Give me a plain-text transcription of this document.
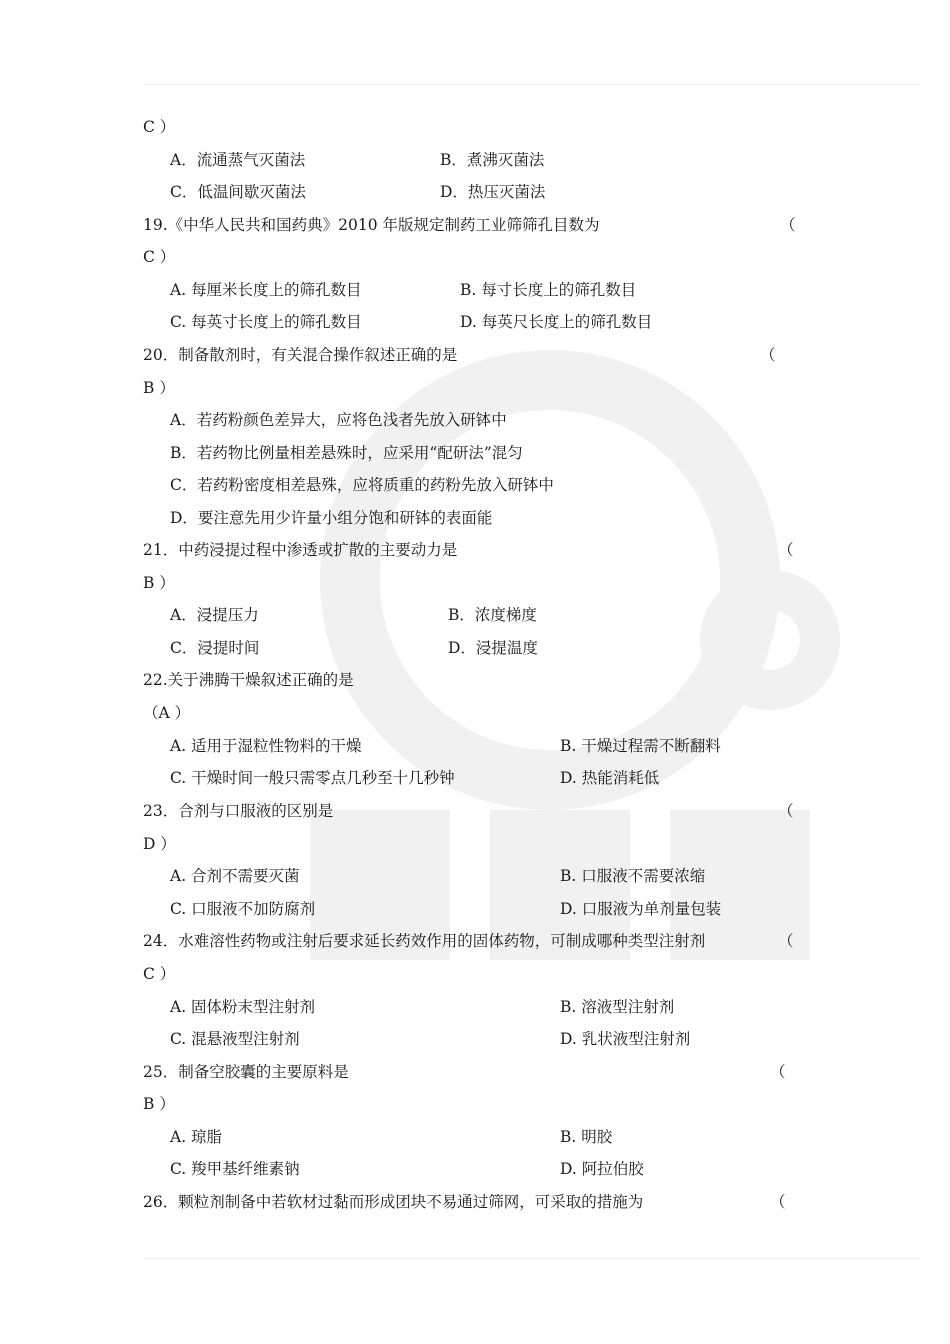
C ）
A．流通蒸气灭菌法	B．煮沸灭菌法
C．低温间歇灭菌法	D．热压灭菌法
19.《中华人民共和国药典》2010 年版规定制药工业筛筛孔目数为	（
C ）
A. 每厘米长度上的筛孔数目	B. 每寸长度上的筛孔数目
C. 每英寸长度上的筛孔数目	D. 每英尺长度上的筛孔数目
20．制备散剂时，有关混合操作叙述正确的是	（
B ）
A．若药粉颜色差异大，应将色浅者先放入研钵中
B．若药物比例量相差悬殊时，应采用“配研法”混匀
C．若药粉密度相差悬殊，应将质重的药粉先放入研钵中
D．要注意先用少许量小组分饱和研钵的表面能
21．中药浸提过程中渗透或扩散的主要动力是	（
B ）
A．浸提压力	B．浓度梯度
C．浸提时间	D．浸提温度
22.关于沸腾干燥叙述正确的是
（A ）
A. 适用于湿粒性物料的干燥	B. 干燥过程需不断翻料
C. 干燥时间一般只需零点几秒至十几秒钟	D. 热能消耗低
23．合剂与口服液的区别是	（
D ）
A. 合剂不需要灭菌	B. 口服液不需要浓缩
C. 口服液不加防腐剂	D. 口服液为单剂量包装
24．水难溶性药物或注射后要求延长药效作用的固体药物，可制成哪种类型注射剂	（
C ）
A. 固体粉末型注射剂	B. 溶液型注射剂
C. 混悬液型注射剂	D. 乳状液型注射剂
25．制备空胶囊的主要原料是	（
B ）
A. 琼脂	B. 明胶
C. 羧甲基纤维素钠	D. 阿拉伯胶
26．颗粒剂制备中若软材过黏而形成团块不易通过筛网，可采取的措施为	（
